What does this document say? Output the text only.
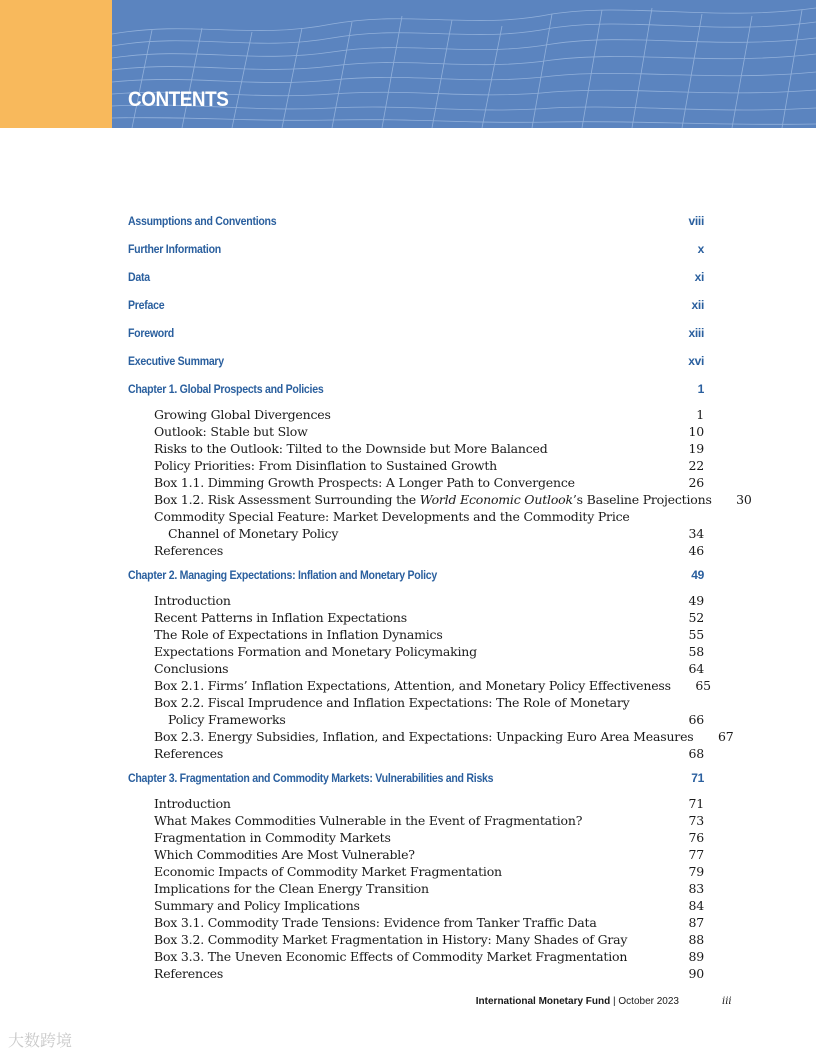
CONTENTS
Assumptions and Conventions	viii
Further Information	x
Data	xi
Preface	xii
Foreword	xiii
Executive Summary	xvi
Chapter 1. Global Prospects and Policies	1
Growing Global Divergences	1
Outlook: Stable but Slow	10
Risks to the Outlook: Tilted to the Downside but More Balanced	19
Policy Priorities: From Disinflation to Sustained Growth	22
Box 1.1. Dimming Growth Prospects: A Longer Path to Convergence	26
Box 1.2. Risk Assessment Surrounding the World Economic Outlook’s Baseline Projections	30
Commodity Special Feature: Market Developments and the Commodity Price Channel of Monetary Policy	34
References	46
Chapter 2. Managing Expectations: Inflation and Monetary Policy	49
Introduction	49
Recent Patterns in Inflation Expectations	52
The Role of Expectations in Inflation Dynamics	55
Expectations Formation and Monetary Policymaking	58
Conclusions	64
Box 2.1. Firms’ Inflation Expectations, Attention, and Monetary Policy Effectiveness	65
Box 2.2. Fiscal Imprudence and Inflation Expectations: The Role of Monetary Policy Frameworks	66
Box 2.3. Energy Subsidies, Inflation, and Expectations: Unpacking Euro Area Measures	67
References	68
Chapter 3. Fragmentation and Commodity Markets: Vulnerabilities and Risks	71
Introduction	71
What Makes Commodities Vulnerable in the Event of Fragmentation?	73
Fragmentation in Commodity Markets	76
Which Commodities Are Most Vulnerable?	77
Economic Impacts of Commodity Market Fragmentation	79
Implications for the Clean Energy Transition	83
Summary and Policy Implications	84
Box 3.1. Commodity Trade Tensions: Evidence from Tanker Traffic Data	87
Box 3.2. Commodity Market Fragmentation in History: Many Shades of Gray	88
Box 3.3. The Uneven Economic Effects of Commodity Market Fragmentation	89
References	90
International Monetary Fund | October 2023	iii
大数跨境
